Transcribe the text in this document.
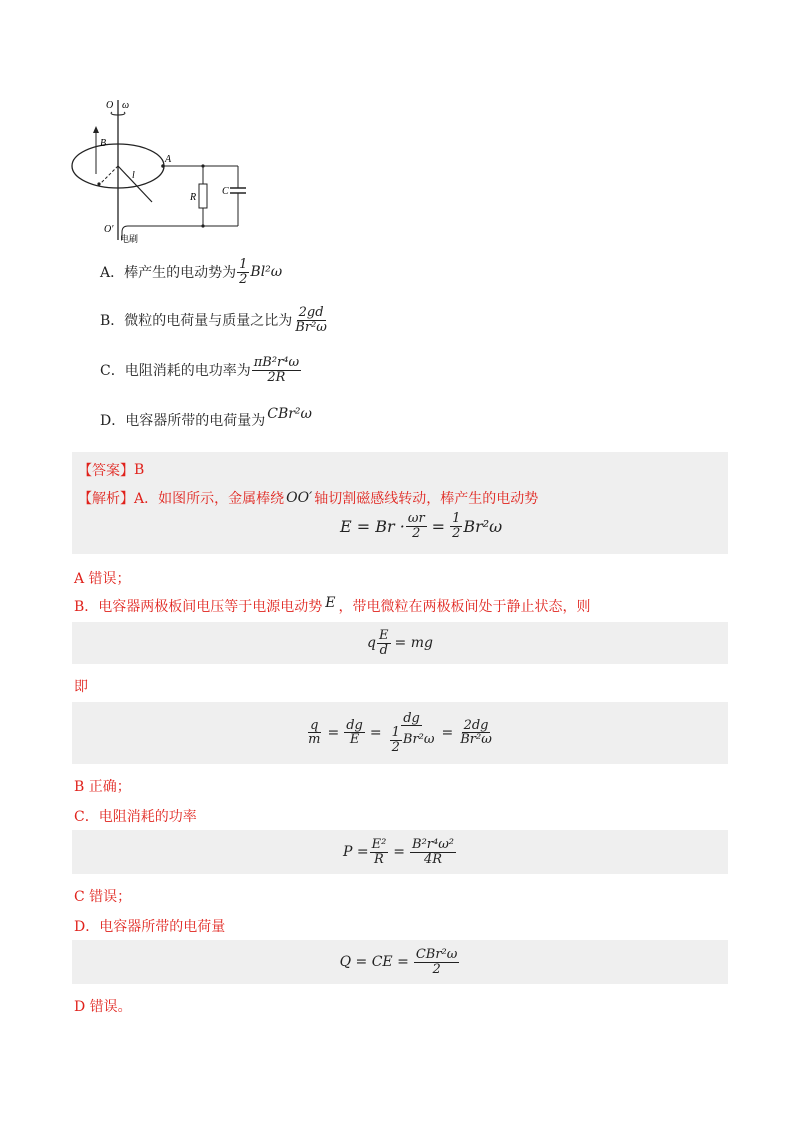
O ω
B
A
l
R
C
O′
电刷
A．棒产生的电动势为 $\frac{1}{2} Bl^2\omega$
B．微粒的电荷量与质量之比为 $\frac{2gd}{\text{Br²ω}}$
C．电阻消耗的电功率为 $\frac{\text{πB²r⁴ω}}{2R}$
D．电容器所带的电荷量为 CBr²ω
【答案】 B
【解析】 A．如图所示，金属棒绕 OO′ 轴切割磁感线转动，棒产生的电动势
$E = Br \cdot \frac{\omega r}{2} = \frac{1}{2} Br^2\omega$
A 错误；
B．电容器两极板间电压等于电源电动势 E ，带电微粒在两极板间处于静止状态，则
q $\frac{E}{d}$ = mg
即
$\frac{q}{m} = \frac{dg}{E} = \frac{dg}{\frac{1}{2} Br^2\omega} = \frac{2dg}{\text{Br²ω}}$
B 正确；
C．电阻消耗的功率
$P = \frac{\text{E²}}{R} = \frac{\text{B²r⁴ω²}}{4R}$
C 错误；
D．电容器所带的电荷量
Q = CE = $\frac{\text{CBr²ω}}{2}$
D 错误。
